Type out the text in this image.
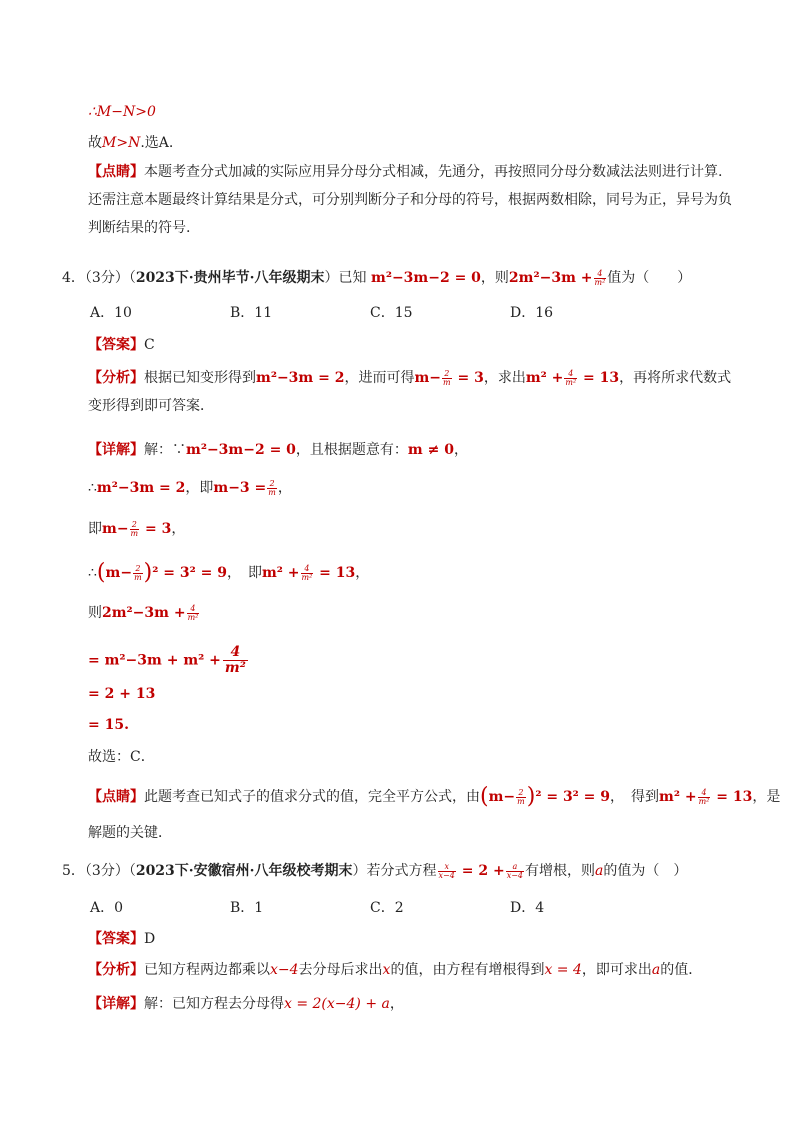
∴M−N>0
故M>N.选A.
【点睛】本题考查分式加减的实际应用异分母分式相减，先通分，再按照同分母分数减法法则进行计算.还需注意本题最终计算结果是分式，可分别判断分子和分母的符号，根据两数相除，同号为正，异号为负判断结果的符号.
4．（3分）（2023下·贵州毕节·八年级期末）已知 m²−3m−2 = 0，则$2m^2-3m + \frac{4}{\text{m²}}$ 值为（　　）
A．10	B．11	C．15	D．16
【答案】C
【分析】根据已知变形得到m²−3m = 2，进而可得$m- \frac{2}{m} = 3$，求出$m^2 + \frac{4}{\text{m²}} = 13$，再将所求代数式变形得到即可答案．
【详解】解：∵m²−3m−2 = 0，且根据题意有：m ≠ 0，
∴m²−3m = 2，即$m-3 = \frac{2}{m}$ ，
即$m- \frac{2}{m} = 3$，
∴(m− $\frac{2}{m} )^2 = 3^2 = 9$，　即$m^2 + \frac{4}{\text{m²}} = 13$，
则$2m^2-3m + \frac{4}{\text{m²}}$
= $m^2-3m + m^2 + \frac{4}{\text{m²}}$
= 2 + 13
= 15.
故选：C．
【点睛】此题考查已知式子的值求分式的值，完全平方公式，由$(m- \frac{2}{m} )^2 = 3^2 = 9$，　得到$m^2 + \frac{4}{\text{m²}} = 13$，是
解题的关键．
5．（3分）（2023下·安徽宿州·八年级校考期末）若分式方程 $\frac{x}{x-4} = 2 + \frac{a}{x-4}$ 有增根，则a的值为（　）
A．0	B．1	C．2	D．4
【答案】D
【分析】已知方程两边都乘以x−4去分母后求出x的值，由方程有增根得到x = 4，即可求出a的值．
【详解】解：已知方程去分母得x = 2(x−4) + a，
